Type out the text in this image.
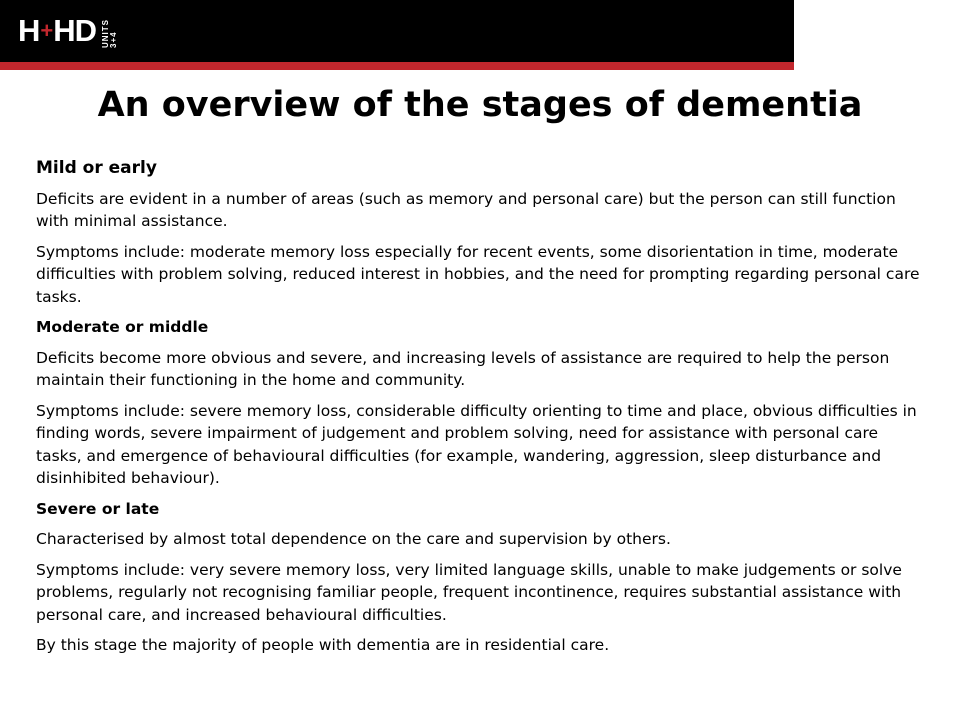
H + HD UNITS 3+4
An overview of the stages of dementia
Mild or early

Deficits are evident in a number of areas (such as memory and personal care) but the person can still function with minimal assistance.

Symptoms include: moderate memory loss especially for recent events, some disorientation in time, moderate difficulties with problem solving, reduced interest in hobbies, and the need for prompting regarding personal care tasks.

Moderate or middle

Deficits become more obvious and severe, and increasing levels of assistance are required to help the person maintain their functioning in the home and community.

Symptoms include: severe memory loss, considerable difficulty orienting to time and place, obvious difficulties in finding words, severe impairment of judgement and problem solving, need for assistance with personal care tasks, and emergence of behavioural difficulties (for example, wandering, aggression, sleep disturbance and disinhibited behaviour).

Severe or late

Characterised by almost total dependence on the care and supervision by others.

Symptoms include: very severe memory loss, very limited language skills, unable to make judgements or solve problems, regularly not recognising familiar people, frequent incontinence, requires substantial assistance with personal care, and increased behavioural difficulties.

By this stage the majority of people with dementia are in residential care.
